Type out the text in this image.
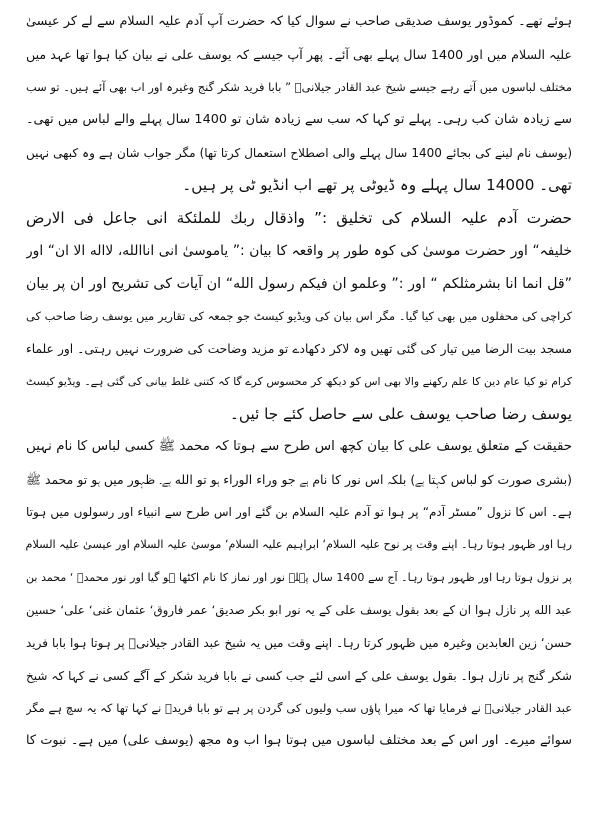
ہوئے تھے۔ کموڈور یوسف صدیقی صاحب نے سوال کیا کہ حضرت آپ آدم علیہ السلام سے لے کر عیسیٰ
علیہ السلام میں اور 1400 سال پہلے بھی آئے۔ پھر آپ جیسے کہ یوسف علی نے بیان کیا ہوا تھا عہد میں
مختلف لباسوں میں آتے رہے جیسے شیخ عبد القادر جیلانیؒ ” بابا فرید شکر گنج وغیرہ اور اب بھی آئے ہیں۔ تو سب
سے زیادہ شان کب رہی۔ پہلے تو کہا کہ سب سے زیادہ شان تو 1400 سال پہلے والے لباس میں تھی۔
(یوسف نام لینے کی بجائے 1400 سال پہلے والی اصطلاح استعمال کرتا تھا) مگر جواب شان ہے وہ کبھی نہیں
تھی۔ 14000 سال پہلے وہ ڈیوٹی پر تھے اب انڈیو ٹی پر ہیں۔
حضرت آدم علیہ السلام کی تخلیق :” واذقال ربك للملئكة انی جاعل فی الارض
خلیفہ“ اور حضرت موسیٰ کی کوہ طور پر واقعہ کا بیان :” یاموسیٰ انی اناالله، لااله الا ان“ اور
”قل انما انا بشرمثلکم “ اور :” وعلمو ان فیکم رسول الله“ ان آیات کی تشریح اور ان پر بیان
کراچی کی محفلوں میں بھی کیا گیا۔ مگر اس بیان کی ویڈیو کیسٹ جو جمعہ کی تقاریر میں یوسف رضا صاحب کی
مسجد بیت الرضا میں تیار کی گئی تھیں وہ لاکر دکھادے تو مزید وضاحت کی ضرورت نہیں رہتی۔ اور علماء
کرام تو کیا عام دین کا علم رکھنے والا بھی اس کو دیکھ کر محسوس کرے گا کہ کتنی غلط بیانی کی گئی ہے۔ ویڈیو کیسٹ
یوسف رضا صاحب یوسف علی سے حاصل کئے جا ئیں۔
حقیقت کے متعلق یوسف علی کا بیان کچھ اس طرح سے ہوتا کہ محمد ﷺ کسی لباس کا نام نہیں
(بشری صورت کو لباس کہتا ہے) بلکہ اس نور کا نام ہے جو وراء الوراء ہو تو الله ہے۔ ظہور میں ہو تو محمد ﷺ
ہے۔ اس کا نزول ”مسٹر آدم“ پر ہوا تو آدم علیہ السلام بن گئے اور اس طرح سے انبیاء اور رسولوں میں ہوتا
رہا اور ظہور ہوتا رہا۔ اپنے وقت پر نوح علیہ السلام‘ ابراہیم علیہ السلام‘ موسیٰ علیہ السلام اور عیسیٰ علیہ السلام
پر نزول ہوتا رہا اور ظہور ہوتا رہا۔ آج سے 1400 سال پہلے نور اور نماز کا نام اکٹھا ہو گیا اور نور محمدؐ ‘ محمد بن
عبد الله پر نازل ہوا ان کے بعد بقول یوسف علی کے یہ نور ابو بکر صدیق‘ عمر فاروق‘ عثمان غنی‘ علی‘ حسین
حسن‘ زین العابدین وغیرہ میں ظہور کرتا رہا۔ اپنے وقت میں یہ شیخ عبد القادر جیلانیؒ پر ہوتا ہوا بابا فرید
شکر گنج پر نازل ہوا۔ بقول یوسف علی کے اسی لئے جب کسی نے بابا فرید شکر کے آگے کسی نے کہا کہ شیخ
عبد القادر جیلانیؒ نے فرمایا تھا کہ میرا پاؤں سب ولیوں کی گردن پر ہے تو بابا فریدؒ نے کہا تھا کہ یہ سچ ہے مگر
سوائے میرے۔ اور اس کے بعد مختلف لباسوں میں ہوتا ہوا اب وہ مجھ (یوسف علی) میں ہے۔ نبوت کا
